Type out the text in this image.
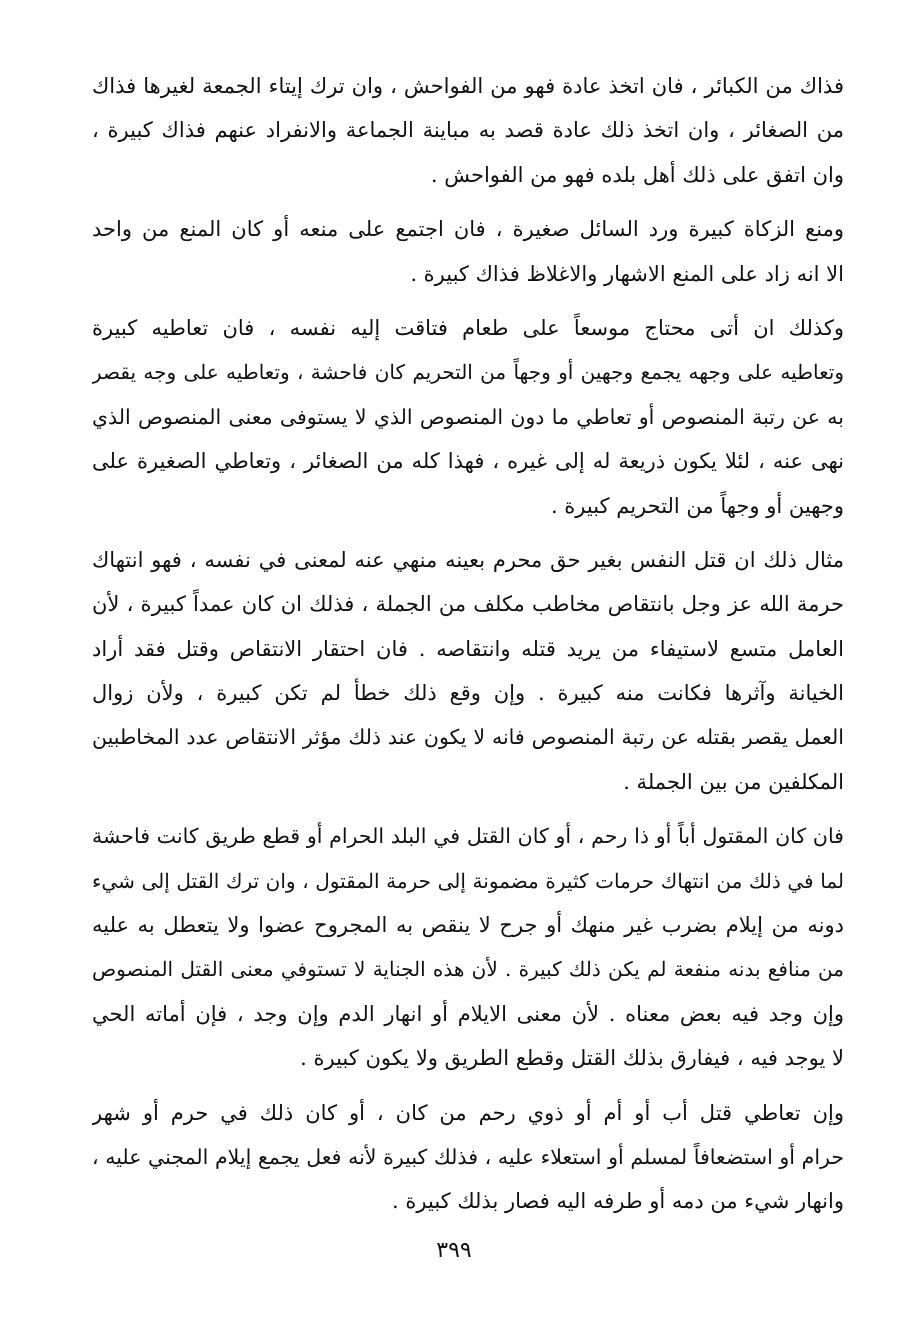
فذاك من الكبائر ، فان اتخذ عادة فهو من الفواحش ، وان ترك إيتاء الجمعة لغيرها فذاك
من الصغائر ، وان اتخذ ذلك عادة قصد به مباينة الجماعة والانفراد عنهم فذاك كبيرة ،
وان اتفق على ذلك أهل بلده فهو من الفواحش .
ومنع الزكاة كبيرة ورد السائل صغيرة ، فان اجتمع على منعه أو كان المنع من واحد
الا انه زاد على المنع الاشهار والاغلاظ فذاك كبيرة .
وكذلك ان أتى محتاج موسعاً على طعام فتاقت إليه نفسه ، فان تعاطيه كبيرة
وتعاطيه على وجهه يجمع وجهين أو وجهاً من التحريم كان فاحشة ، وتعاطيه على وجه يقصر
به عن رتبة المنصوص أو تعاطي ما دون المنصوص الذي لا يستوفى معنى المنصوص الذي
نهى عنه ، لئلا يكون ذريعة له إلى غيره ، فهذا كله من الصغائر ، وتعاطي الصغيرة على
وجهين أو وجهاً من التحريم كبيرة .
مثال ذلك ان قتل النفس بغير حق محرم بعينه منهي عنه لمعنى في نفسه ، فهو انتهاك
حرمة الله عز وجل بانتقاص مخاطب مكلف من الجملة ، فذلك ان كان عمداً كبيرة ، لأن
العامل متسع لاستيفاء من يريد قتله وانتقاصه . فان احتقار الانتقاص وقتل فقد أراد
الخيانة وآثرها فكانت منه كبيرة . وإن وقع ذلك خطأ لم تكن كبيرة ، ولأن زوال
العمل يقصر بقتله عن رتبة المنصوص فانه لا يكون عند ذلك مؤثر الانتقاص عدد المخاطبين
المكلفين من بين الجملة .
فان كان المقتول أباً أو ذا رحم ، أو كان القتل في البلد الحرام أو قطع طريق كانت فاحشة
لما في ذلك من انتهاك حرمات كثيرة مضمونة إلى حرمة المقتول ، وان ترك القتل إلى شيء
دونه من إيلام بضرب غير منهك أو جرح لا ينقص به المجروح عضوا ولا يتعطل به عليه
من منافع بدنه منفعة لم يكن ذلك كبيرة . لأن هذه الجناية لا تستوفي معنى القتل المنصوص
وإن وجد فيه بعض معناه . لأن معنى الايلام أو انهار الدم وإن وجد ، فإن أماته الحي
لا يوجد فيه ، فيفارق بذلك القتل وقطع الطريق ولا يكون كبيرة .
وإن تعاطي قتل أب أو أم أو ذوي رحم من كان ، أو كان ذلك في حرم أو شهر
حرام أو استضعافاً لمسلم أو استعلاء عليه ، فذلك كبيرة لأنه فعل يجمع إيلام المجني عليه ،
وانهار شيء من دمه أو طرفه اليه فصار بذلك كبيرة .
٣٩٩
